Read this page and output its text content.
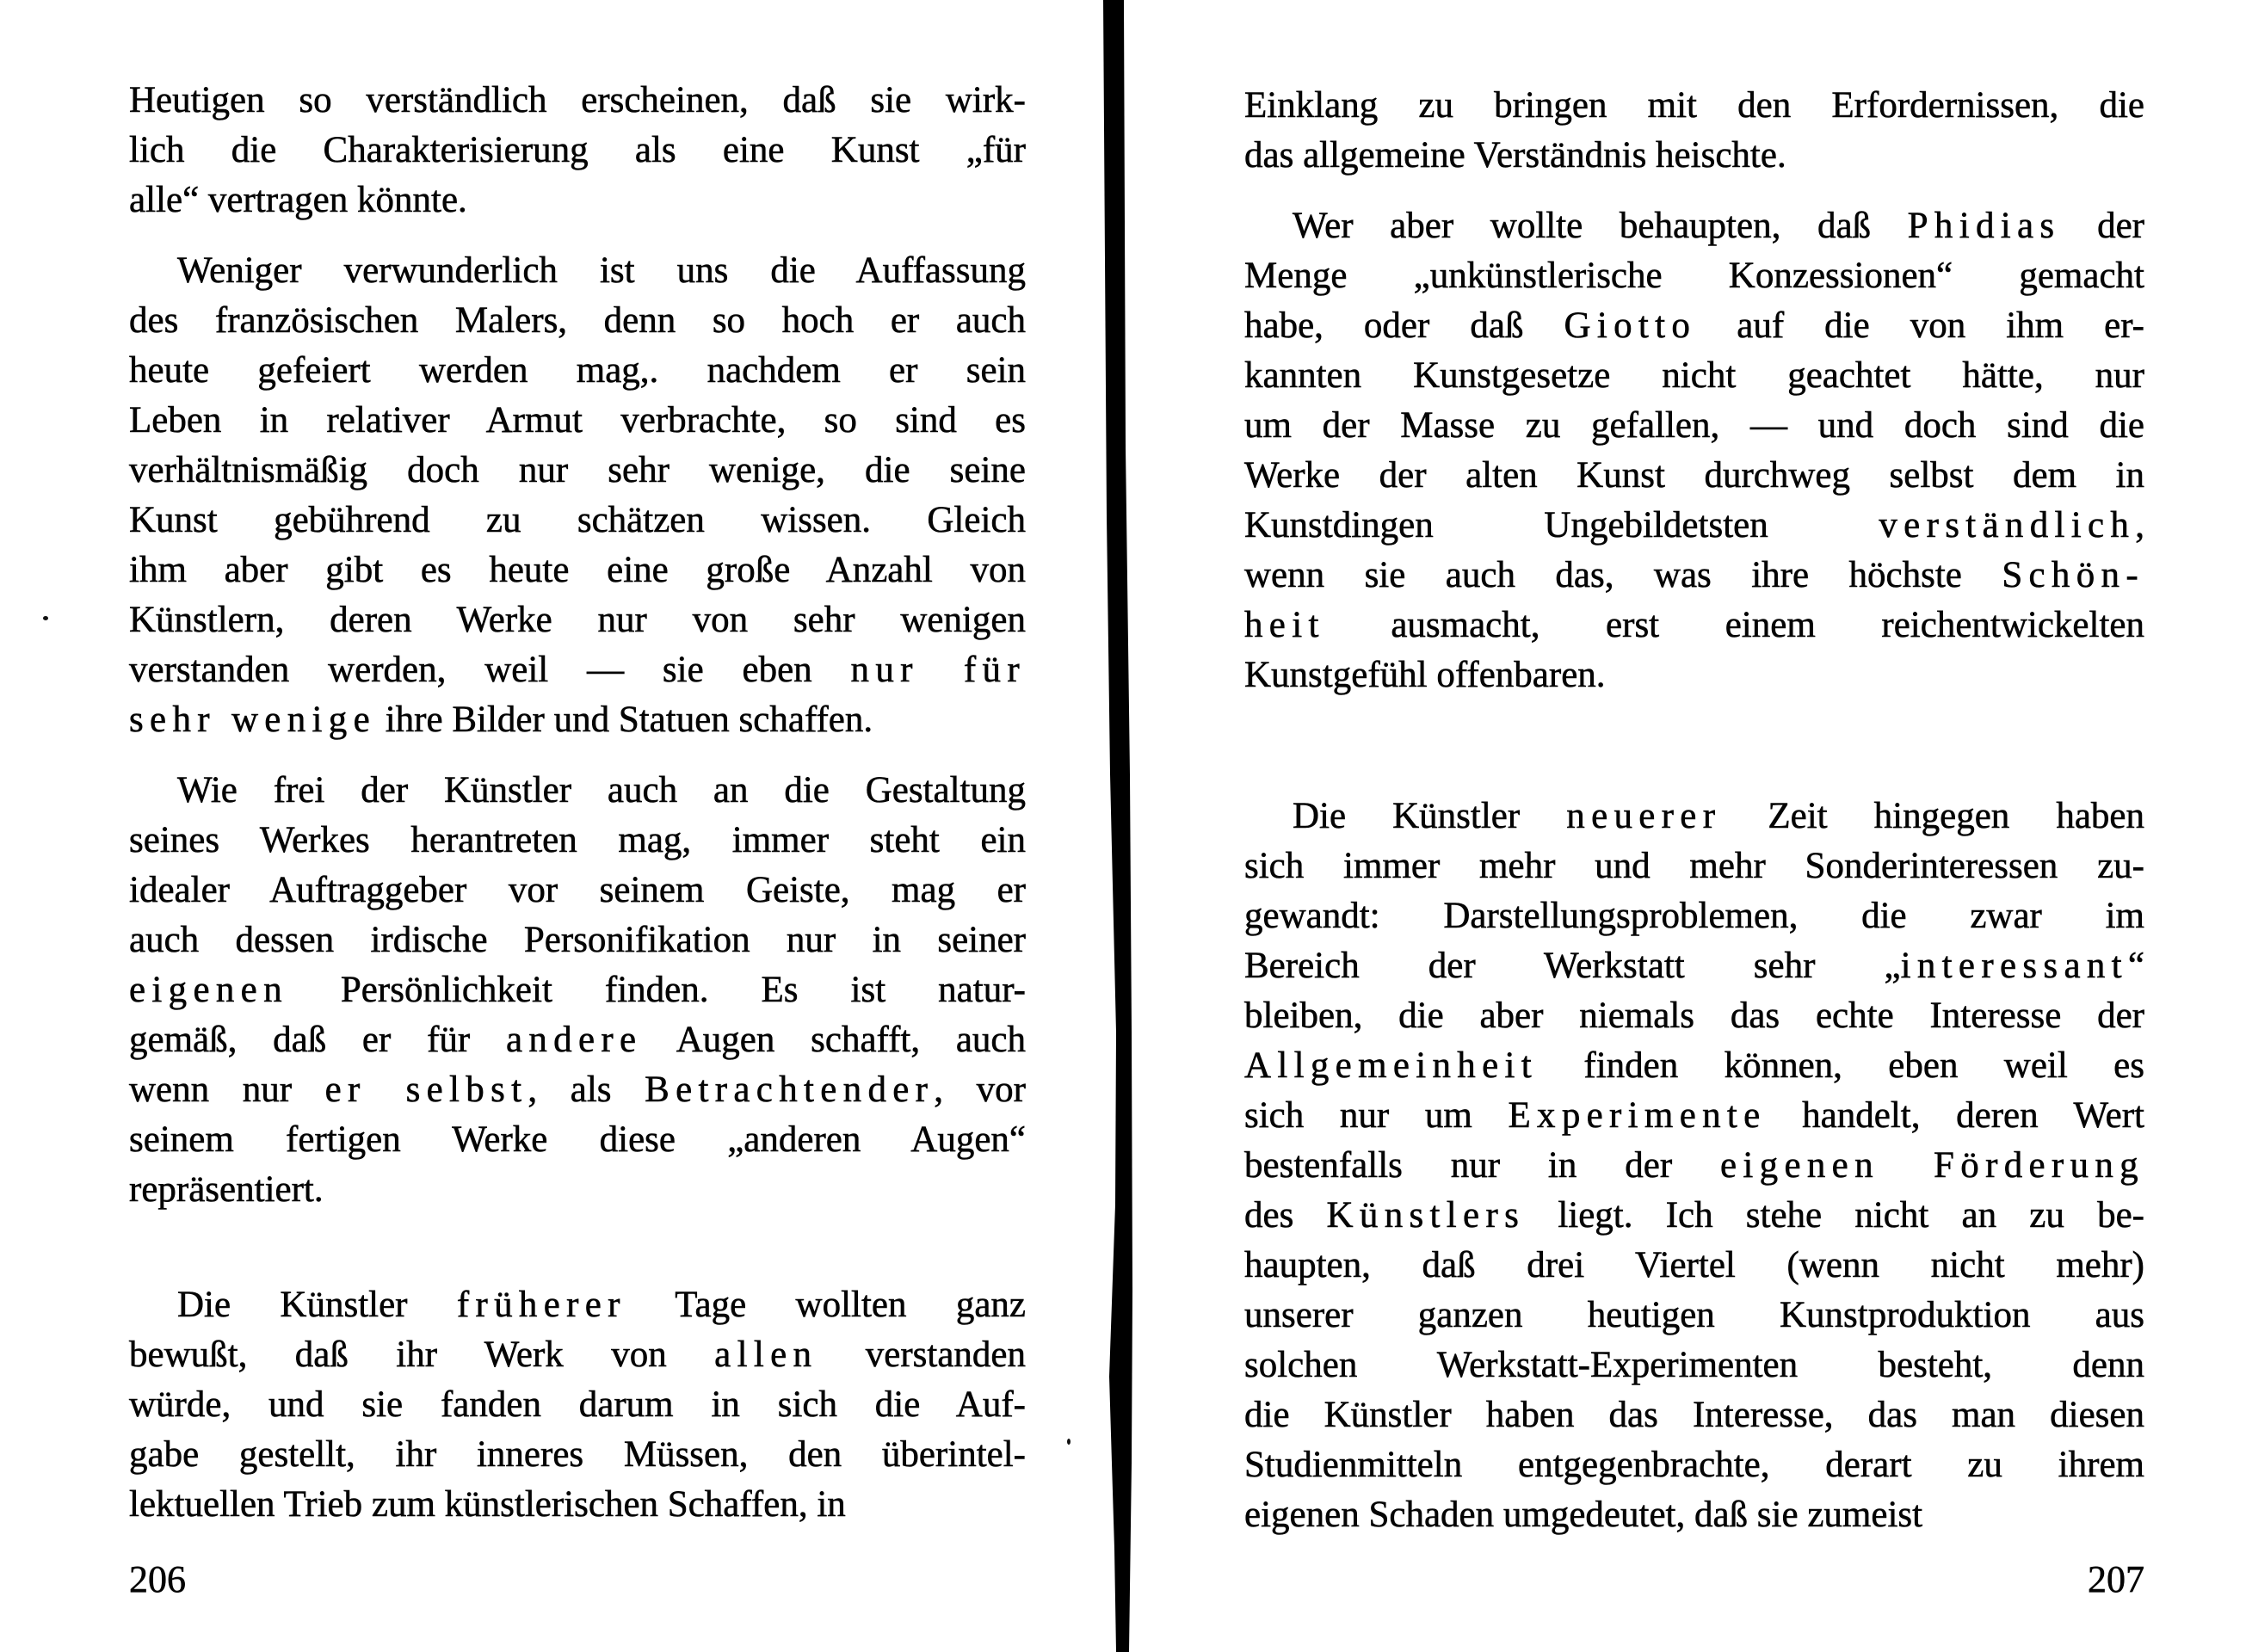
Heutigen so verständlich erscheinen, daß sie wirk-
lich die Charakterisierung als eine Kunst „für
alle“ vertragen könnte.

Weniger verwunderlich ist uns die Auffassung
des französischen Malers, denn so hoch er auch
heute gefeiert werden mag,. nachdem er sein
Leben in relativer Armut verbrachte, so sind es
verhältnismäßig doch nur sehr wenige, die seine
Kunst gebührend zu schätzen wissen. Gleich
ihm aber gibt es heute eine große Anzahl von
Künstlern, deren Werke nur von sehr wenigen
verstanden werden, weil — sie eben nur für
sehr wenige ihre Bilder und Statuen schaffen.

Wie frei der Künstler auch an die Gestaltung
seines Werkes herantreten mag, immer steht ein
idealer Auftraggeber vor seinem Geiste, mag er
auch dessen irdische Personifikation nur in seiner
eigenen Persönlichkeit finden. Es ist natur-
gemäß, daß er für andere Augen schafft, auch
wenn nur er selbst, als Betrachtender, vor
seinem fertigen Werke diese „anderen Augen“
repräsentiert.

Die Künstler früherer Tage wollten ganz
bewußt, daß ihr Werk von allen verstanden
würde, und sie fanden darum in sich die Auf-
gabe gestellt, ihr inneres Müssen, den überintel-
lektuellen Trieb zum künstlerischen Schaffen, in

Einklang zu bringen mit den Erfordernissen, die
das allgemeine Verständnis heischte.

Wer aber wollte behaupten, daß Phidias der
Menge „unkünstlerische Konzessionen“ gemacht
habe, oder daß Giotto auf die von ihm er-
kannten Kunstgesetze nicht geachtet hätte, nur
um der Masse zu gefallen, — und doch sind die
Werke der alten Kunst durchweg selbst dem in
Kunstdingen Ungebildetsten verständlich,
wenn sie auch das, was ihre höchste Schön-
heit ausmacht, erst einem reichentwickelten
Kunstgefühl offenbaren.

Die Künstler neuerer Zeit hingegen haben
sich immer mehr und mehr Sonderinteressen zu-
gewandt: Darstellungsproblemen, die zwar im
Bereich der Werkstatt sehr „interessant“
bleiben, die aber niemals das echte Interesse der
Allgemeinheit finden können, eben weil es
sich nur um Experimente handelt, deren Wert
bestenfalls nur in der eigenen Förderung
des Künstlers liegt. Ich stehe nicht an zu be-
haupten, daß drei Viertel (wenn nicht mehr)
unserer ganzen heutigen Kunstproduktion aus
solchen Werkstatt-Experimenten besteht, denn
die Künstler haben das Interesse, das man diesen
Studienmitteln entgegenbrachte, derart zu ihrem
eigenen Schaden umgedeutet, daß sie zumeist

206	207
